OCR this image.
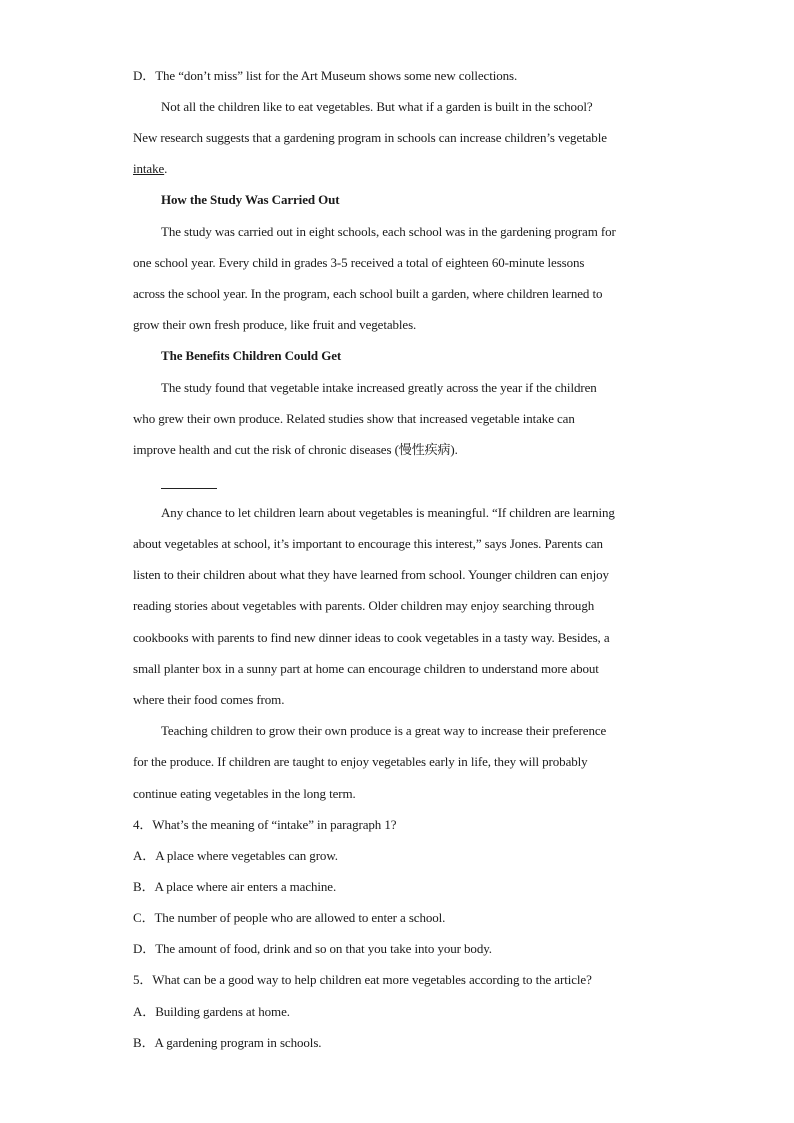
D．The “don’t miss” list for the Art Museum shows some new collections.
Not all the children like to eat vegetables. But what if a garden is built in the school?
New research suggests that a gardening program in schools can increase children’s vegetable
intake.
How the Study Was Carried Out
The study was carried out in eight schools, each school was in the gardening program for
one school year. Every child in grades 3-5 received a total of eighteen 60-minute lessons
across the school year. In the program, each school built a garden, where children learned to
grow their own fresh produce, like fruit and vegetables.
The Benefits Children Could Get
The study found that vegetable intake increased greatly across the year if the children
who grew their own produce. Related studies show that increased vegetable intake can
improve health and cut the risk of chronic diseases (慢性疾病).
Any chance to let children learn about vegetables is meaningful. “If children are learning
about vegetables at school, it’s important to encourage this interest,” says Jones. Parents can
listen to their children about what they have learned from school. Younger children can enjoy
reading stories about vegetables with parents. Older children may enjoy searching through
cookbooks with parents to find new dinner ideas to cook vegetables in a tasty way. Besides, a
small planter box in a sunny part at home can encourage children to understand more about
where their food comes from.
Teaching children to grow their own produce is a great way to increase their preference
for the produce. If children are taught to enjoy vegetables early in life, they will probably
continue eating vegetables in the long term.
4．What’s the meaning of “intake” in paragraph 1?
A．A place where vegetables can grow.
B．A place where air enters a machine.
C．The number of people who are allowed to enter a school.
D．The amount of food, drink and so on that you take into your body.
5．What can be a good way to help children eat more vegetables according to the article?
A．Building gardens at home.
B．A gardening program in schools.
